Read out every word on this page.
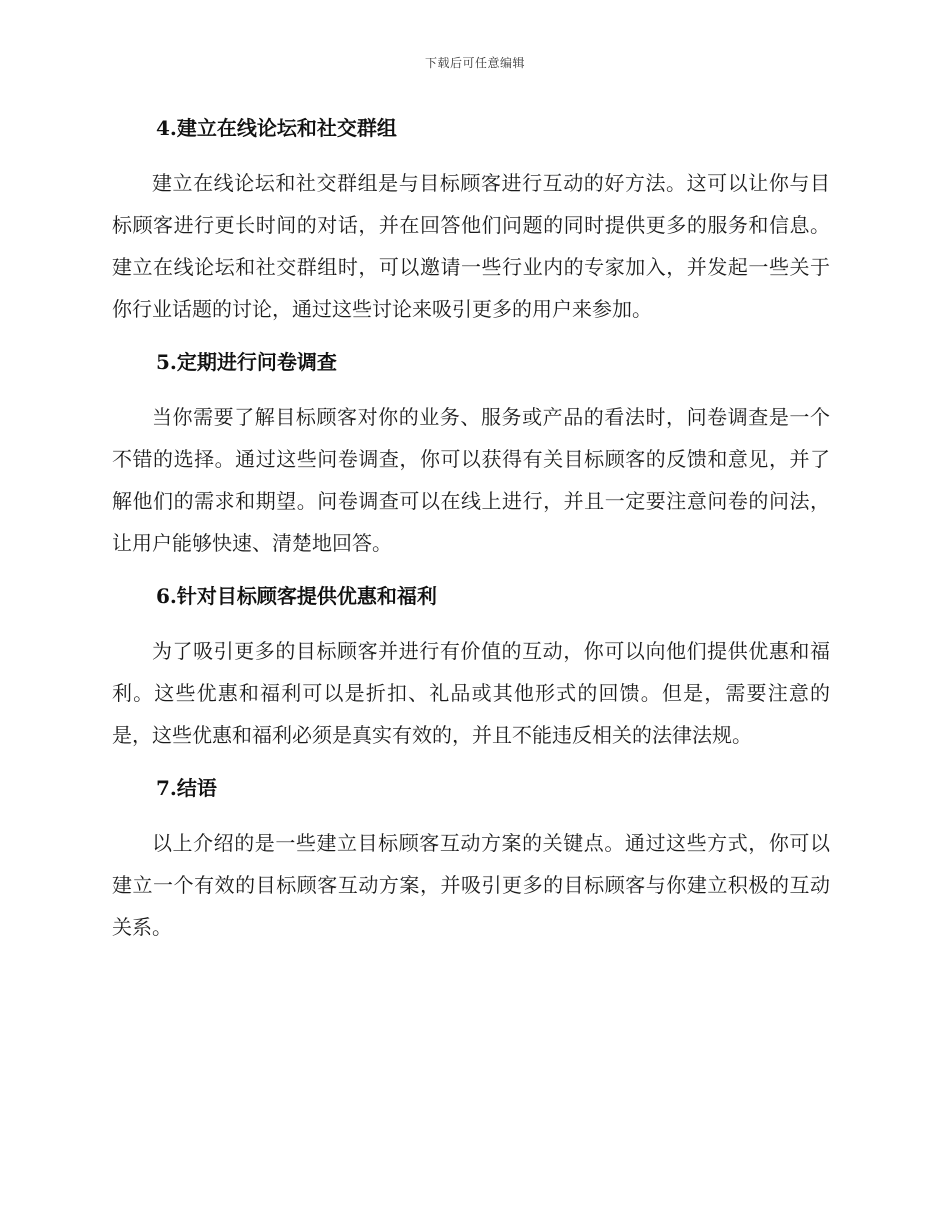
下载后可任意编辑
4.建立在线论坛和社交群组

建立在线论坛和社交群组是与目标顾客进行互动的好方法。这可以让你与目标顾客进行更长时间的对话，并在回答他们问题的同时提供更多的服务和信息。建立在线论坛和社交群组时，可以邀请一些行业内的专家加入，并发起一些关于你行业话题的讨论，通过这些讨论来吸引更多的用户来参加。

5.定期进行问卷调查

当你需要了解目标顾客对你的业务、服务或产品的看法时，问卷调查是一个不错的选择。通过这些问卷调查，你可以获得有关目标顾客的反馈和意见，并了解他们的需求和期望。问卷调查可以在线上进行，并且一定要注意问卷的问法，让用户能够快速、清楚地回答。

6.针对目标顾客提供优惠和福利

为了吸引更多的目标顾客并进行有价值的互动，你可以向他们提供优惠和福利。这些优惠和福利可以是折扣、礼品或其他形式的回馈。但是，需要注意的是，这些优惠和福利必须是真实有效的，并且不能违反相关的法律法规。

7.结语

以上介绍的是一些建立目标顾客互动方案的关键点。通过这些方式，你可以建立一个有效的目标顾客互动方案，并吸引更多的目标顾客与你建立积极的互动关系。
